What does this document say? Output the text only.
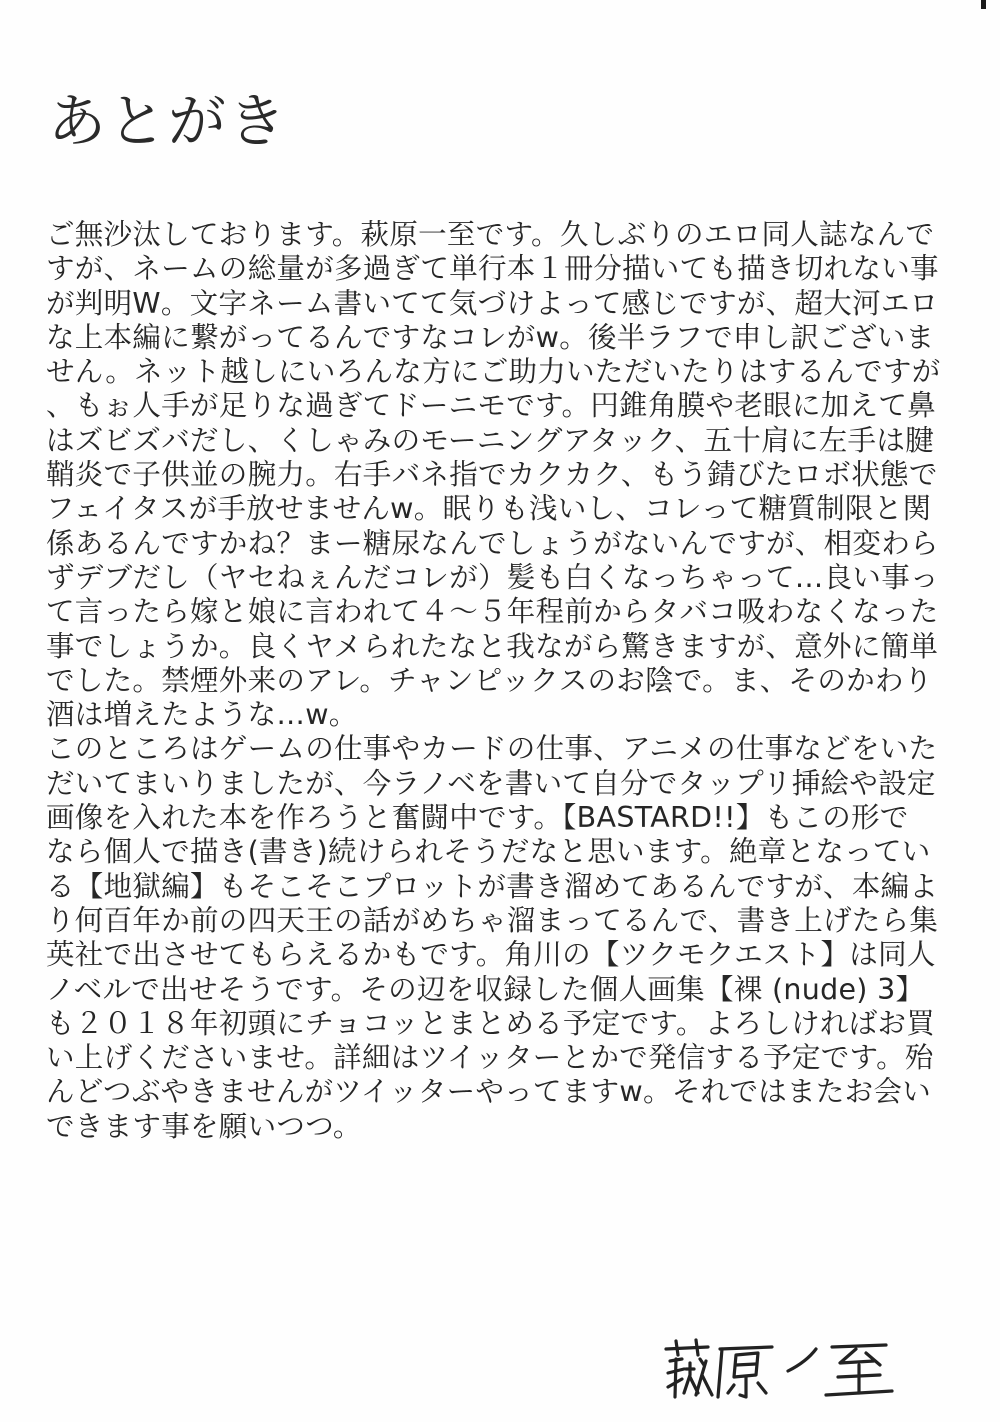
あとがき
ご無沙汰しております。萩原一至です。久しぶりのエロ同人誌なんで
すが、ネームの総量が多過ぎて単行本１冊分描いても描き切れない事
が判明W。文字ネーム書いてて気づけよって感じですが、超大河エロ
な上本編に繋がってるんですなコレがw。後半ラフで申し訳ございま
せん。ネット越しにいろんな方にご助力いただいたりはするんですが
、もぉ人手が足りな過ぎてドーニモです。円錐角膜や老眼に加えて鼻
はズビズバだし、くしゃみのモーニングアタック、五十肩に左手は腱
鞘炎で子供並の腕力。右手バネ指でカクカク、もう錆びたロボ状態で
フェイタスが手放せませんw。眠りも浅いし、コレって糖質制限と関
係あるんですかね？まー糖尿なんでしょうがないんですが、相変わら
ずデブだし（ヤセねぇんだコレが）髪も白くなっちゃって…良い事っ
て言ったら嫁と娘に言われて４～５年程前からタバコ吸わなくなった
事でしょうか。良くヤメられたなと我ながら驚きますが、意外に簡単
でした。禁煙外来のアレ。チャンピックスのお陰で。ま、そのかわり
酒は増えたような…w。
このところはゲームの仕事やカードの仕事、アニメの仕事などをいた
だいてまいりましたが、今ラノベを書いて自分でタップリ挿絵や設定
画像を入れた本を作ろうと奮闘中です。【BASTARD!!】もこの形で
なら個人で描き(書き)続けられそうだなと思います。絶章となってい
る【地獄編】もそこそこプロットが書き溜めてあるんですが、本編よ
り何百年か前の四天王の話がめちゃ溜まってるんで、書き上げたら集
英社で出させてもらえるかもです。角川の【ツクモクエスト】は同人
ノベルで出せそうです。その辺を収録した個人画集【裸 (nude) 3】
も２０１８年初頭にチョコッとまとめる予定です。よろしければお買
い上げくださいませ。詳細はツイッターとかで発信する予定です。殆
んどつぶやきませんがツイッターやってますw。それではまたお会い
できます事を願いつつ。
